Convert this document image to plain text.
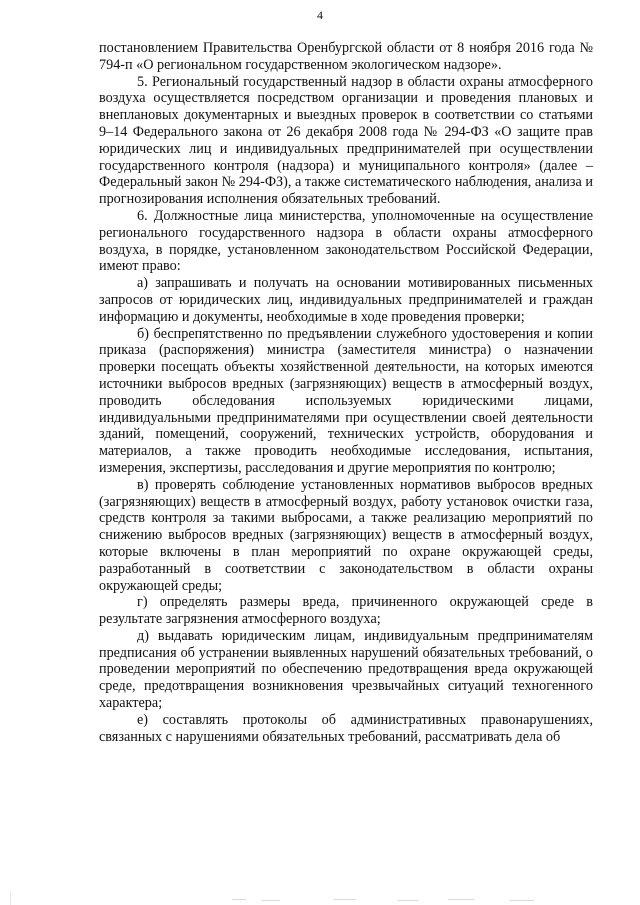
4

постановлением Правительства Оренбургской области от 8 ноября 2016 года № 794-п «О региональном государственном экологическом надзоре».

5. Региональный государственный надзор в области охраны атмосферного воздуха осуществляется посредством организации и проведения плановых и внеплановых документарных и выездных проверок в соответствии со статьями 9–14 Федерального закона от 26 декабря 2008 года № 294-ФЗ «О защите прав юридических лиц и индивидуальных предпринимателей при осуществлении государственного контроля (надзора) и муниципального контроля» (далее – Федеральный закон № 294-ФЗ), а также систематического наблюдения, анализа и прогнозирования исполнения обязательных требований.

6. Должностные лица министерства, уполномоченные на осуществление регионального государственного надзора в области охраны атмосферного воздуха, в порядке, установленном законодательством Российской Федерации, имеют право:

а) запрашивать и получать на основании мотивированных письменных запросов от юридических лиц, индивидуальных предпринимателей и граждан информацию и документы, необходимые в ходе проведения проверки;

б) беспрепятственно по предъявлении служебного удостоверения и копии приказа (распоряжения) министра (заместителя министра) о назначении проверки посещать объекты хозяйственной деятельности, на которых имеются источники выбросов вредных (загрязняющих) веществ в атмосферный воздух, проводить обследования используемых юридическими лицами, индивидуальными предпринимателями при осуществлении своей деятельности зданий, помещений, сооружений, технических устройств, оборудования и материалов, а также проводить необходимые исследования, испытания, измерения, экспертизы, расследования и другие мероприятия по контролю;

в) проверять соблюдение установленных нормативов выбросов вредных (загрязняющих) веществ в атмосферный воздух, работу установок очистки газа, средств контроля за такими выбросами, а также реализацию мероприятий по снижению выбросов вредных (загрязняющих) веществ в атмосферный воздух, которые включены в план мероприятий по охране окружающей среды, разработанный в соответствии с законодательством в области охраны окружающей среды;

г) определять размеры вреда, причиненного окружающей среде в результате загрязнения атмосферного воздуха;

д) выдавать юридическим лицам, индивидуальным предпринимателям предписания об устранении выявленных нарушений обязательных требований, о проведении мероприятий по обеспечению предотвращения вреда окружающей среде, предотвращения возникновения чрезвычайных ситуаций техногенного характера;

е) составлять протоколы об административных правонарушениях, связанных с нарушениями обязательных требований, рассматривать дела об
